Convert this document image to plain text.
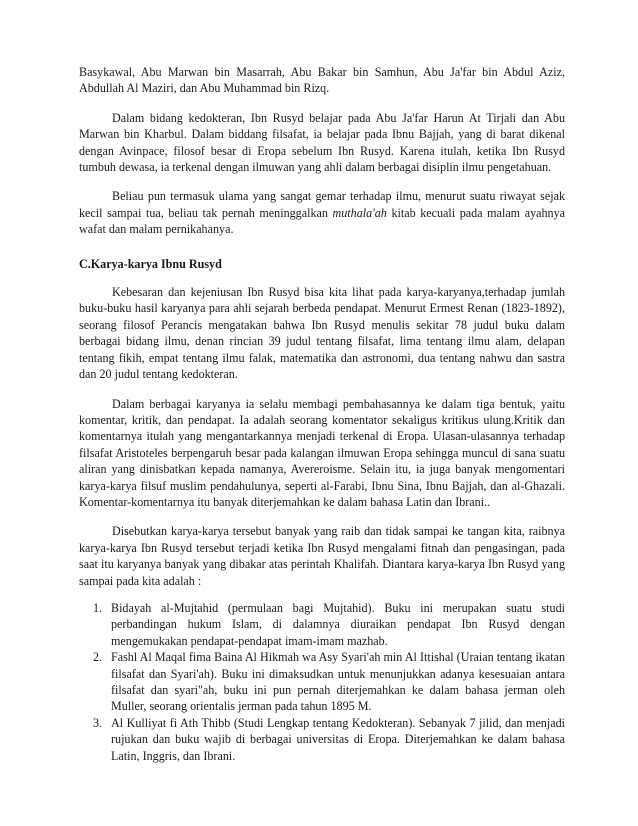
Basykawal, Abu Marwan bin Masarrah, Abu Bakar bin Samhun, Abu Ja'far bin Abdul Aziz, Abdullah Al Maziri, dan Abu Muhammad bin Rizq.

Dalam bidang kedokteran, Ibn Rusyd belajar pada Abu Ja'far Harun At Tirjali dan Abu Marwan bin Kharbul. Dalam biddang filsafat, ia belajar pada Ibnu Bajjah, yang di barat dikenal dengan Avinpace, filosof besar di Eropa sebelum Ibn Rusyd. Karena itulah, ketika Ibn Rusyd tumbuh dewasa, ia terkenal dengan ilmuwan yang ahli dalam berbagai disiplin ilmu pengetahuan.

Beliau pun termasuk ulama yang sangat gemar terhadap ilmu, menurut suatu riwayat sejak kecil sampai tua, beliau tak pernah meninggalkan muthala'ah kitab kecuali pada malam ayahnya wafat dan malam pernikahanya.

C.Karya-karya Ibnu Rusyd

Kebesaran dan kejeniusan Ibn Rusyd bisa kita lihat pada karya-karyanya,terhadap jumlah buku-buku hasil karyanya para ahli sejarah berbeda pendapat. Menurut Ermest Renan (1823-1892), seorang filosof Perancis mengatakan bahwa Ibn Rusyd menulis sekitar 78 judul buku dalam berbagai bidang ilmu, denan rincian 39 judul tentang filsafat, lima tentang ilmu alam, delapan tentang fikih, empat tentang ilmu falak, matematika dan astronomi, dua tentang nahwu dan sastra dan 20 judul tentang kedokteran.

Dalam berbagai karyanya ia selalu membagi pembahasannya ke dalam tiga bentuk, yaitu komentar, kritik, dan pendapat. Ia adalah seorang komentator sekaligus kritikus ulung.Kritik dan komentarnya itulah yang mengantarkannya menjadi terkenal di Eropa. Ulasan-ulasannya terhadap filsafat Aristoteles berpengaruh besar pada kalangan ilmuwan Eropa sehingga muncul di sana suatu aliran yang dinisbatkan kepada namanya, Avereroisme. Selain itu, ia juga banyak mengomentari karya-karya filsuf muslim pendahulunya, seperti al-Farabi, Ibnu Sina, Ibnu Bajjah, dan al-Ghazali. Komentar-komentarnya itu banyak diterjemahkan ke dalam bahasa Latin dan Ibrani..

Disebutkan karya-karya tersebut banyak yang raib dan tidak sampai ke tangan kita, raibnya karya-karya Ibn Rusyd tersebut terjadi ketika Ibn Rusyd mengalami fitnah dan pengasingan, pada saat itu karyanya banyak yang dibakar atas perintah Khalifah. Diantara karya-karya Ibn Rusyd yang sampai pada kita adalah :

1. Bidayah al-Mujtahid (permulaan bagi Mujtahid). Buku ini merupakan suatu studi perbandingan hukum Islam, di dalamnya diuraikan pendapat Ibn Rusyd dengan mengemukakan pendapat-pendapat imam-imam mazhab.
2. Fashl Al Maqal fima Baina Al Hikmah wa Asy Syari'ah min Al Ittishal (Uraian tentang ikatan filsafat dan Syari'ah). Buku ini dimaksudkan untuk menunjukkan adanya kesesuaian antara filsafat dan syari"ah, buku ini pun pernah diterjemahkan ke dalam bahasa jerman oleh Muller, seorang orientalis jerman pada tahun 1895 M.
3. Al Kulliyat fi Ath Thibb (Studi Lengkap tentang Kedokteran). Sebanyak 7 jilid, dan menjadi rujukan dan buku wajib di berbagai universitas di Eropa. Diterjemahkan ke dalam bahasa Latin, Inggris, dan Ibrani.
